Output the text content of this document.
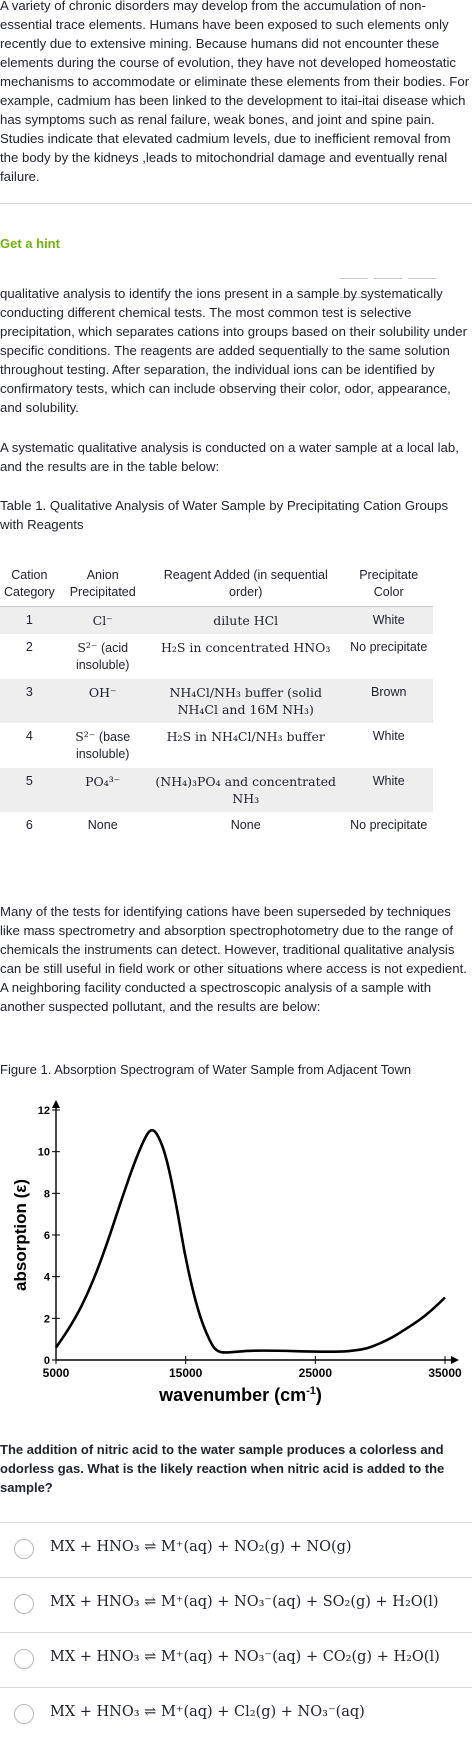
A variety of chronic disorders may develop from the accumulation of non-essential trace elements. Humans have been exposed to such elements only recently due to extensive mining. Because humans did not encounter these elements during the course of evolution, they have not developed homeostatic mechanisms to accommodate or eliminate these elements from their bodies. For example, cadmium has been linked to the development to itai-itai disease which has symptoms such as renal failure, weak bones, and joint and spine pain. Studies indicate that elevated cadmium levels, due to inefficient removal from the body by the kidneys ,leads to mitochondrial damage and eventually renal failure.

Get a hint

qualitative analysis to identify the ions present in a sample by systematically conducting different chemical tests. The most common test is selective precipitation, which separates cations into groups based on their solubility under specific conditions. The reagents are added sequentially to the same solution throughout testing. After separation, the individual ions can be identified by confirmatory tests, which can include observing their color, odor, appearance, and solubility.

A systematic qualitative analysis is conducted on a water sample at a local lab, and the results are in the table below:

Table 1. Qualitative Analysis of Water Sample by Precipitating Cation Groups with Reagents

Cation Category	Anion Precipitated	Reagent Added (in sequential order)	Precipitate Color
1	Cl⁻	dilute HCl	White
2	S²⁻ (acid insoluble)	H₂S in concentrated HNO₃	No precipitate
3	OH⁻	NH₄Cl/NH₃ buffer (solid NH₄Cl and 16M NH₃)	Brown
4	S²⁻ (base insoluble)	H₂S in NH₄Cl/NH₃ buffer	White
5	PO₄³⁻	(NH₄)₃PO₄ and concentrated NH₃	White
6	None	None	No precipitate

Many of the tests for identifying cations have been superseded by techniques like mass spectrometry and absorption spectrophotometry due to the range of chemicals the instruments can detect. However, traditional qualitative analysis can be still useful in field work or other situations where access is not expedient. A neighboring facility conducted a spectroscopic analysis of a sample with another suspected pollutant, and the results are below:

Figure 1. Absorption Spectrogram of Water Sample from Adjacent Town
0
2
4
6
8
10
12
5000	15000	25000	35000
wavenumber $(cm^{-1})$
absorption (ε)
The addition of nitric acid to the water sample produces a colorless and odorless gas. What is the likely reaction when nitric acid is added to the sample?
MX + HNO₃ ⇌ M⁺(aq) + NO₂(g) + NO(g)
MX + HNO₃ ⇌ M⁺(aq) + NO₃⁻(aq) + SO₂(g) + H₂O(l)
MX + HNO₃ ⇌ M⁺(aq) + NO₃⁻(aq) + CO₂(g) + H₂O(l)
MX + HNO₃ ⇌ M⁺(aq) + Cl₂(g) + NO₃⁻(aq)
